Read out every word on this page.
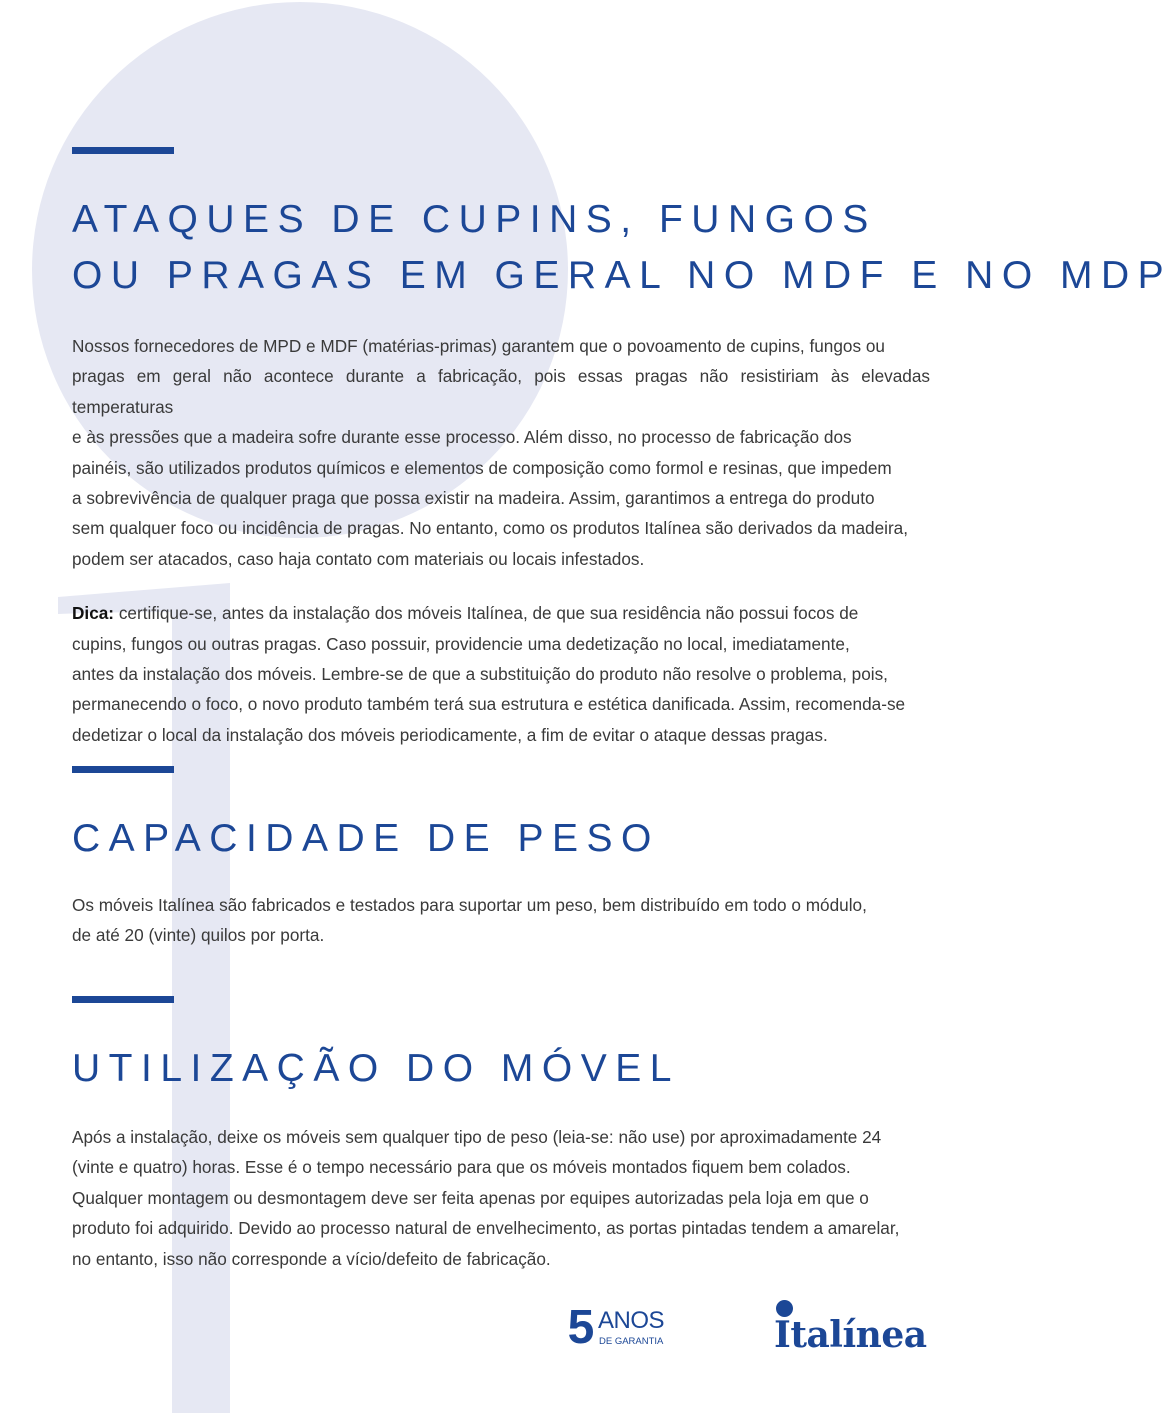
ATAQUES DE CUPINS, FUNGOS
OU PRAGAS EM GERAL NO MDF E NO MDP

Nossos fornecedores de MPD e MDF (matérias-primas) garantem que o povoamento de cupins, fungos ou
pragas em geral não acontece durante a fabricação, pois essas pragas não resistiriam às elevadas temperaturas
e às pressões que a madeira sofre durante esse processo. Além disso, no processo de fabricação dos
painéis, são utilizados produtos químicos e elementos de composição como formol e resinas, que impedem
a sobrevivência de qualquer praga que possa existir na madeira. Assim, garantimos a entrega do produto
sem qualquer foco ou incidência de pragas. No entanto, como os produtos Italínea são derivados da madeira,
podem ser atacados, caso haja contato com materiais ou locais infestados.

Dica: certifique-se, antes da instalação dos móveis Italínea, de que sua residência não possui focos de
cupins, fungos ou outras pragas. Caso possuir, providencie uma dedetização no local, imediatamente,
antes da instalação dos móveis. Lembre-se de que a substituição do produto não resolve o problema, pois,
permanecendo o foco, o novo produto também terá sua estrutura e estética danificada. Assim, recomenda-se
dedetizar o local da instalação dos móveis periodicamente, a fim de evitar o ataque dessas pragas.

CAPACIDADE DE PESO

Os móveis Italínea são fabricados e testados para suportar um peso, bem distribuído em todo o módulo,
de até 20 (vinte) quilos por porta.

UTILIZAÇÃO DO MÓVEL

Após a instalação, deixe os móveis sem qualquer tipo de peso (leia-se: não use) por aproximadamente 24
(vinte e quatro) horas. Esse é o tempo necessário para que os móveis montados fiquem bem colados.
Qualquer montagem ou desmontagem deve ser feita apenas por equipes autorizadas pela loja em que o
produto foi adquirido. Devido ao processo natural de envelhecimento, as portas pintadas tendem a amarelar,
no entanto, isso não corresponde a vício/defeito de fabricação.

5 ANOS
DE GARANTIA	Italínea
